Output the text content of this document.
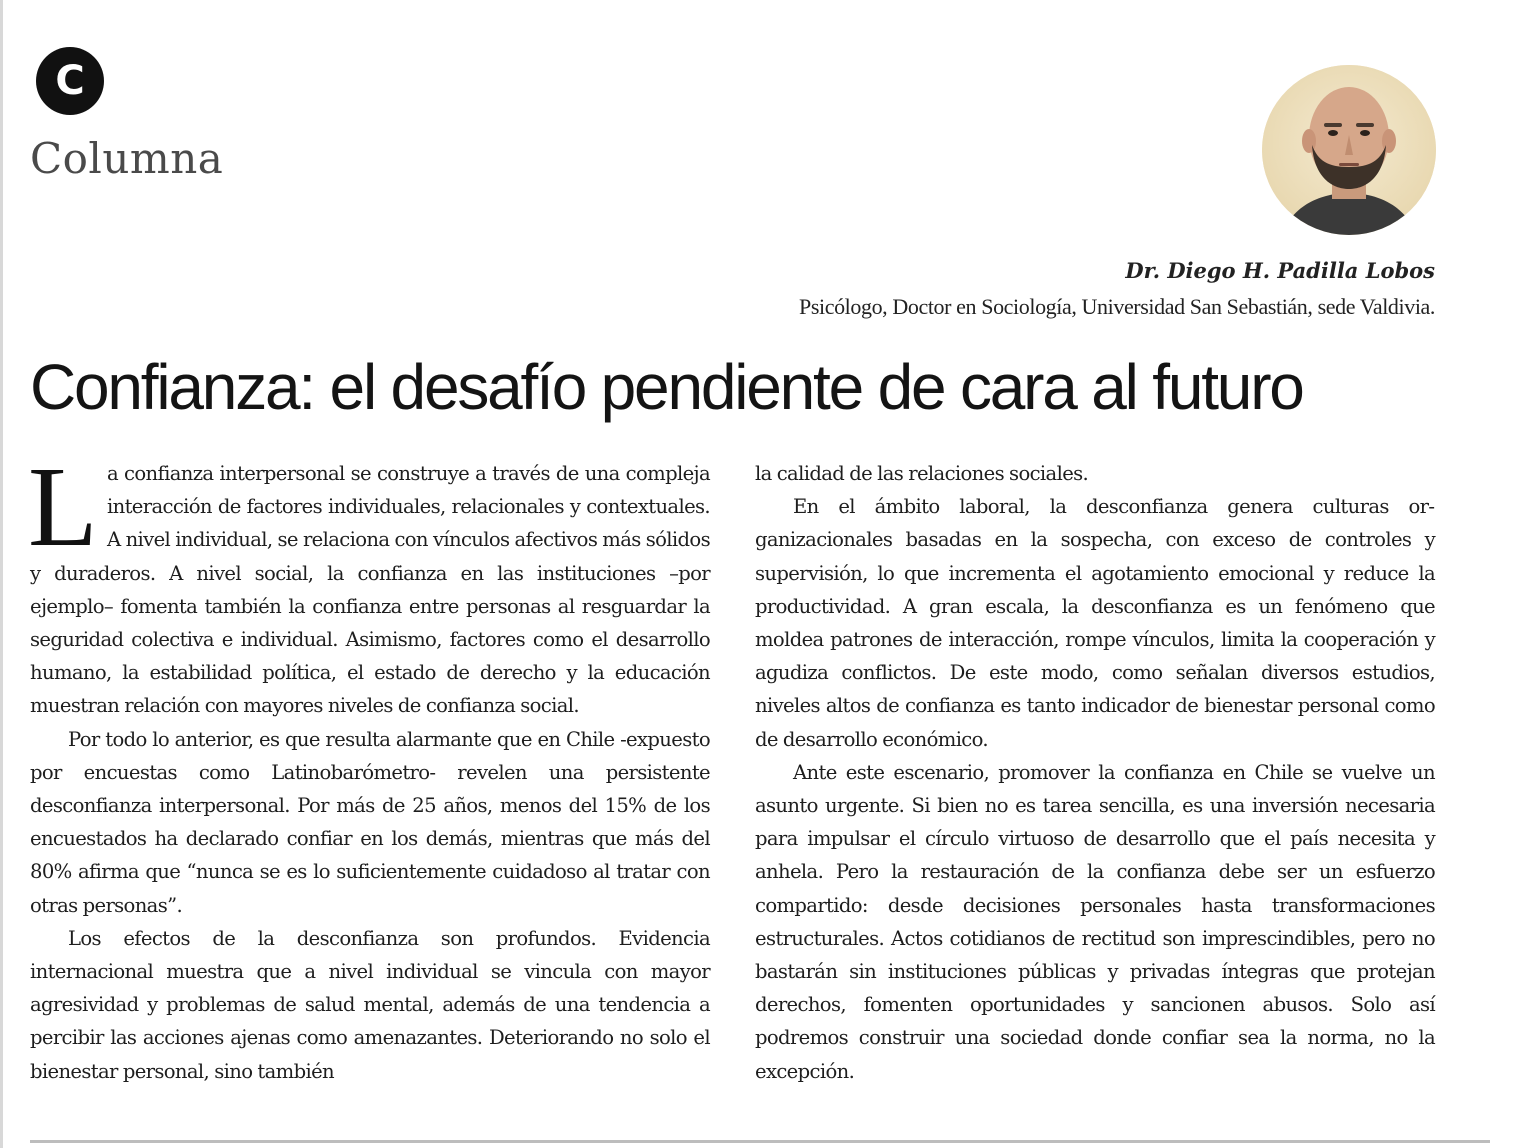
C
Columna
Dr. Diego H. Padilla Lobos
Psicólogo, Doctor en Sociología, Universidad San Sebastián, sede Valdivia.
Confianza: el desafío pendiente de cara al futuro

La confianza interpersonal se construye a través de una compleja interacción de factores individuales, relacionales y contextuales. A nivel individual, se relaciona con vínculos afectivos más sólidos y duraderos. A nivel social, la confianza en las instituciones –por ejemplo– fomenta también la confianza entre personas al resguardar la seguridad colectiva e individual. Asimismo, factores como el desarrollo humano, la estabilidad política, el estado de derecho y la educación muestran relación con mayores niveles de confianza social.

Por todo lo anterior, es que resulta alarmante que en Chile -expuesto por encuestas como Latinobarómetro- revelen una persistente desconfianza interpersonal. Por más de 25 años, menos del 15% de los encuestados ha declarado confiar en los demás, mientras que más del 80% afirma que “nunca se es lo suficientemente cuidadoso al tratar con otras personas”.

Los efectos de la desconfianza son profundos. Evidencia internacional muestra que a nivel individual se vincula con mayor agresividad y problemas de salud mental, además de una tendencia a percibir las acciones ajenas como amenazantes. Deteriorando no solo el bienestar personal, sino también

la calidad de las relaciones sociales.

En el ámbito laboral, la desconfianza genera culturas organizacionales basadas en la sospecha, con exceso de controles y supervisión, lo que incrementa el agotamiento emocional y reduce la productividad. A gran escala, la desconfianza es un fenómeno que moldea patrones de interacción, rompe vínculos, limita la cooperación y agudiza conflictos. De este modo, como señalan diversos estudios, niveles altos de confianza es tanto indicador de bienestar personal como de desarrollo económico.

Ante este escenario, promover la confianza en Chile se vuelve un asunto urgente. Si bien no es tarea sencilla, es una inversión necesaria para impulsar el círculo virtuoso de desarrollo que el país necesita y anhela. Pero la restauración de la confianza debe ser un esfuerzo compartido: desde decisiones personales hasta transformaciones estructurales. Actos cotidianos de rectitud son imprescindibles, pero no bastarán sin instituciones públicas y privadas íntegras que protejan derechos, fomenten oportunidades y sancionen abusos. Solo así podremos construir una sociedad donde confiar sea la norma, no la excepción.
